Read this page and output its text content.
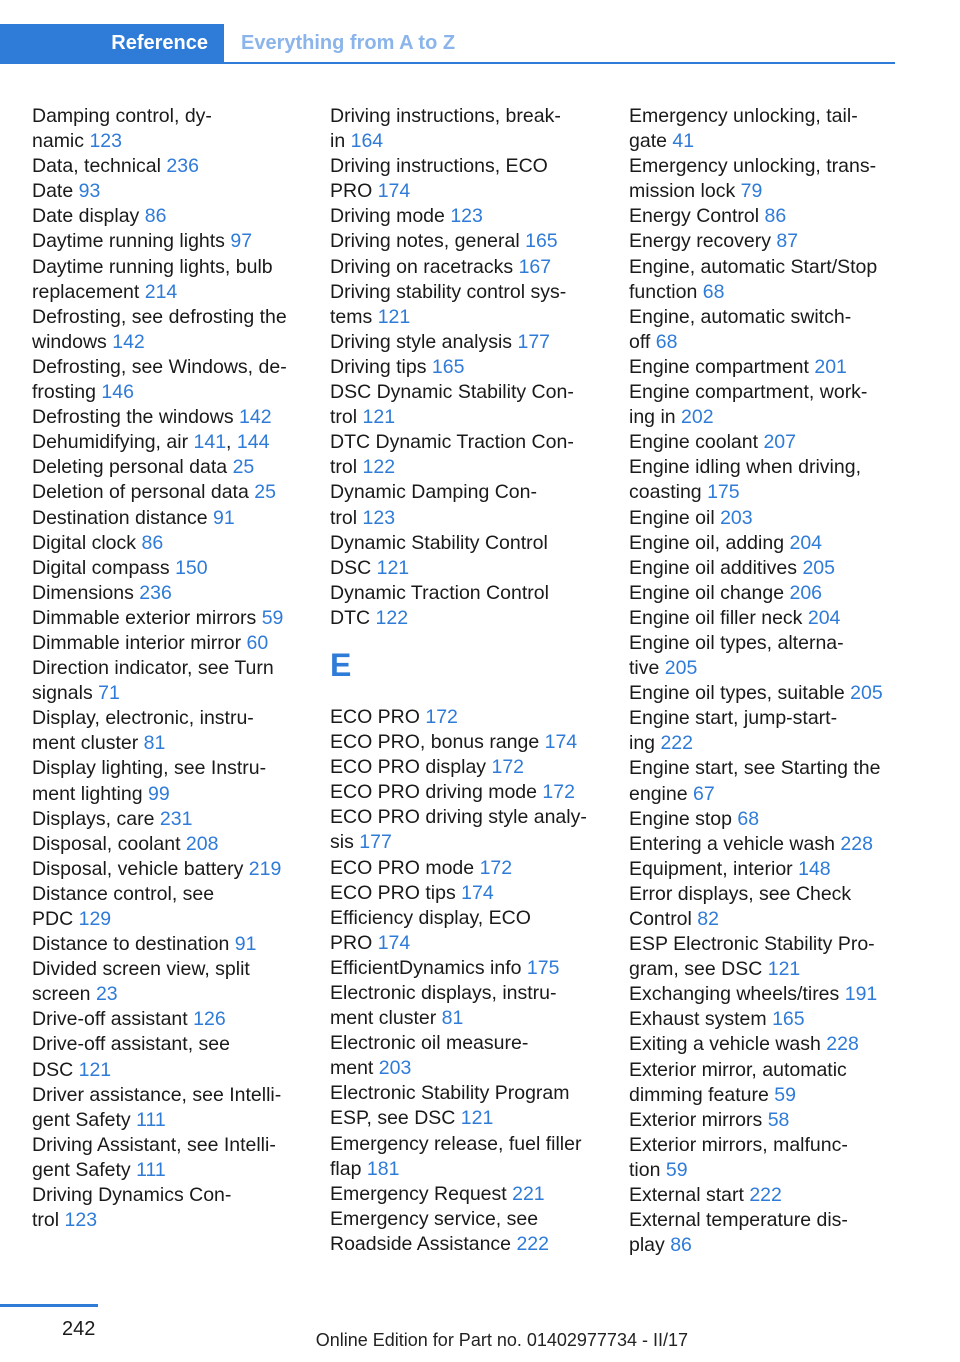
Reference	Everything from A to Z
Damping control, dy-
namic 123
Data, technical 236
Date 93
Date display 86
Daytime running lights 97
Daytime running lights, bulb
replacement 214
Defrosting, see defrosting the
windows 142
Defrosting, see Windows, de-
frosting 146
Defrosting the windows 142
Dehumidifying, air 141, 144
Deleting personal data 25
Deletion of personal data 25
Destination distance 91
Digital clock 86
Digital compass 150
Dimensions 236
Dimmable exterior mirrors 59
Dimmable interior mirror 60
Direction indicator, see Turn
signals 71
Display, electronic, instru-
ment cluster 81
Display lighting, see Instru-
ment lighting 99
Displays, care 231
Disposal, coolant 208
Disposal, vehicle battery 219
Distance control, see
PDC 129
Distance to destination 91
Divided screen view, split
screen 23
Drive-off assistant 126
Drive-off assistant, see
DSC 121
Driver assistance, see Intelli-
gent Safety 111
Driving Assistant, see Intelli-
gent Safety 111
Driving Dynamics Con-
trol 123
Driving instructions, break-
in 164
Driving instructions, ECO
PRO 174
Driving mode 123
Driving notes, general 165
Driving on racetracks 167
Driving stability control sys-
tems 121
Driving style analysis 177
Driving tips 165
DSC Dynamic Stability Con-
trol 121
DTC Dynamic Traction Con-
trol 122
Dynamic Damping Con-
trol 123
Dynamic Stability Control
DSC 121
Dynamic Traction Control
DTC 122
E
ECO PRO 172
ECO PRO, bonus range 174
ECO PRO display 172
ECO PRO driving mode 172
ECO PRO driving style analy-
sis 177
ECO PRO mode 172
ECO PRO tips 174
Efficiency display, ECO
PRO 174
EfficientDynamics info 175
Electronic displays, instru-
ment cluster 81
Electronic oil measure-
ment 203
Electronic Stability Program
ESP, see DSC 121
Emergency release, fuel filler
flap 181
Emergency Request 221
Emergency service, see
Roadside Assistance 222
Emergency unlocking, tail-
gate 41
Emergency unlocking, trans-
mission lock 79
Energy Control 86
Energy recovery 87
Engine, automatic Start/Stop
function 68
Engine, automatic switch-
off 68
Engine compartment 201
Engine compartment, work-
ing in 202
Engine coolant 207
Engine idling when driving,
coasting 175
Engine oil 203
Engine oil, adding 204
Engine oil additives 205
Engine oil change 206
Engine oil filler neck 204
Engine oil types, alterna-
tive 205
Engine oil types, suitable 205
Engine start, jump-start-
ing 222
Engine start, see Starting the
engine 67
Engine stop 68
Entering a vehicle wash 228
Equipment, interior 148
Error displays, see Check
Control 82
ESP Electronic Stability Pro-
gram, see DSC 121
Exchanging wheels/tires 191
Exhaust system 165
Exiting a vehicle wash 228
Exterior mirror, automatic
dimming feature 59
Exterior mirrors 58
Exterior mirrors, malfunc-
tion 59
External start 222
External temperature dis-
play 86
242	Online Edition for Part no. 01402977734 - II/17
